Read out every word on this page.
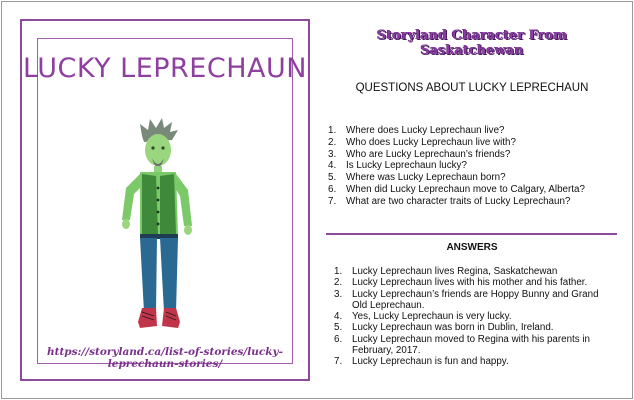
LUCKY LEPRECHAUN
https://storyland.ca/list-of-stories/lucky-leprechaun-stories/
Storyland Character From
Saskatchewan
QUESTIONS ABOUT LUCKY LEPRECHAUN
1.	Where does Lucky Leprechaun live?
2.	Who does Lucky Leprechaun live with?
3.	Who are Lucky Leprechaun’s friends?
4.	Is Lucky Leprechaun lucky?
5.	Where was Lucky Leprechaun born?
6.	When did Lucky Leprechaun move to Calgary, Alberta?
7.	What are two character traits of Lucky Leprechaun?
ANSWERS
1.	Lucky Leprechaun lives Regina, Saskatchewan
2.	Lucky Leprechaun lives with his mother and his father.
3.	Lucky Leprechaun’s friends are Hoppy Bunny and Grand Old Leprechaun.
4.	Yes, Lucky Leprechaun is very lucky.
5.	Lucky Leprechaun was born in Dublin, Ireland.
6.	Lucky Leprechaun moved to Regina with his parents in February, 2017.
7.	Lucky Leprechaun is fun and happy.
